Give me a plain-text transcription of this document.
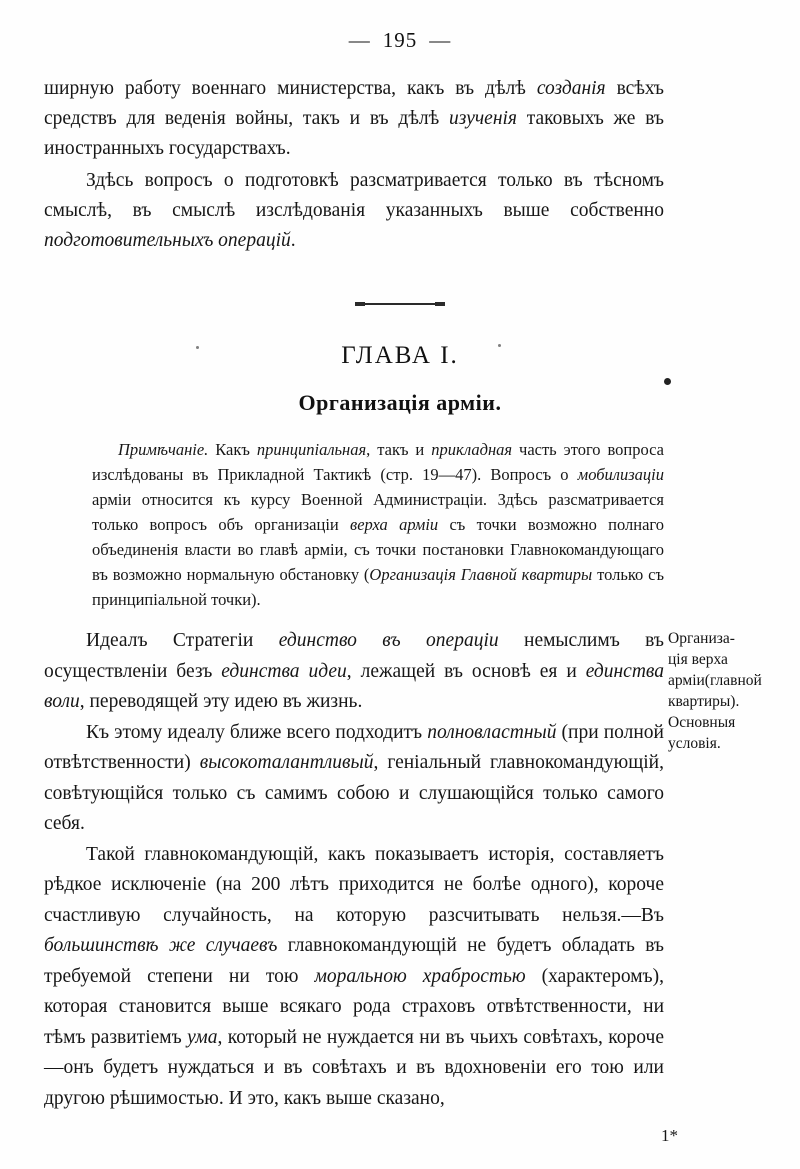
— 195 —

ширную работу военнаго министерства, какъ въ дѣлѣ созданія всѣхъ средствъ для веденія войны, такъ и въ дѣлѣ изученія таковыхъ же въ иностранныхъ государствахъ.

Здѣсь вопросъ о подготовкѣ разсматривается только въ тѣсномъ смыслѣ, въ смыслѣ изслѣдованія указанныхъ выше собственно подготовительныхъ операцій.

ГЛАВА I.
Организація арміи.

Примѣчаніе. Какъ принципіальная, такъ и прикладная часть этого вопроса изслѣдованы въ Прикладной Тактикѣ (стр. 19—47). Вопросъ о мобилизаціи арміи относится къ курсу Военной Администраціи. Здѣсь разсматривается только вопросъ объ организаціи верха арміи съ точки возможно полнаго объединенія власти во главѣ арміи, съ точки постановки Главнокомандующаго въ возможно нормальную обстановку (Организація Главной квартиры только съ принципіальной точки).

Идеалъ Стратегіи единство въ операціи немыслимъ въ осуществленіи безъ единства идеи, лежащей въ основѣ ея и единства воли, переводящей эту идею въ жизнь.

Къ этому идеалу ближе всего подходитъ полновластный (при полной отвѣтственности) высокоталантливый, геніальный главнокомандующій, совѣтующійся только съ самимъ собою и слушающійся только самого себя.

Такой главнокомандующій, какъ показываетъ исторія, составляетъ рѣдкое исключеніе (на 200 лѣтъ приходится не болѣе одного), короче счастливую случайность, на которую разсчитывать нельзя.—Въ большинствѣ же случаевъ главнокомандующій не будетъ обладать въ требуемой степени ни тою моральною храбростью (характеромъ), которая становится выше всякаго рода страховъ отвѣтственности, ни тѣмъ развитіемъ ума, который не нуждается ни въ чьихъ совѣтахъ, короче—онъ будетъ нуждаться и въ совѣтахъ и въ вдохновеніи его тою или другою рѣшимостью. И это, какъ выше сказано,

Организа-
ція верха
арміи(главной квартиры). Основныя условія.
1*
